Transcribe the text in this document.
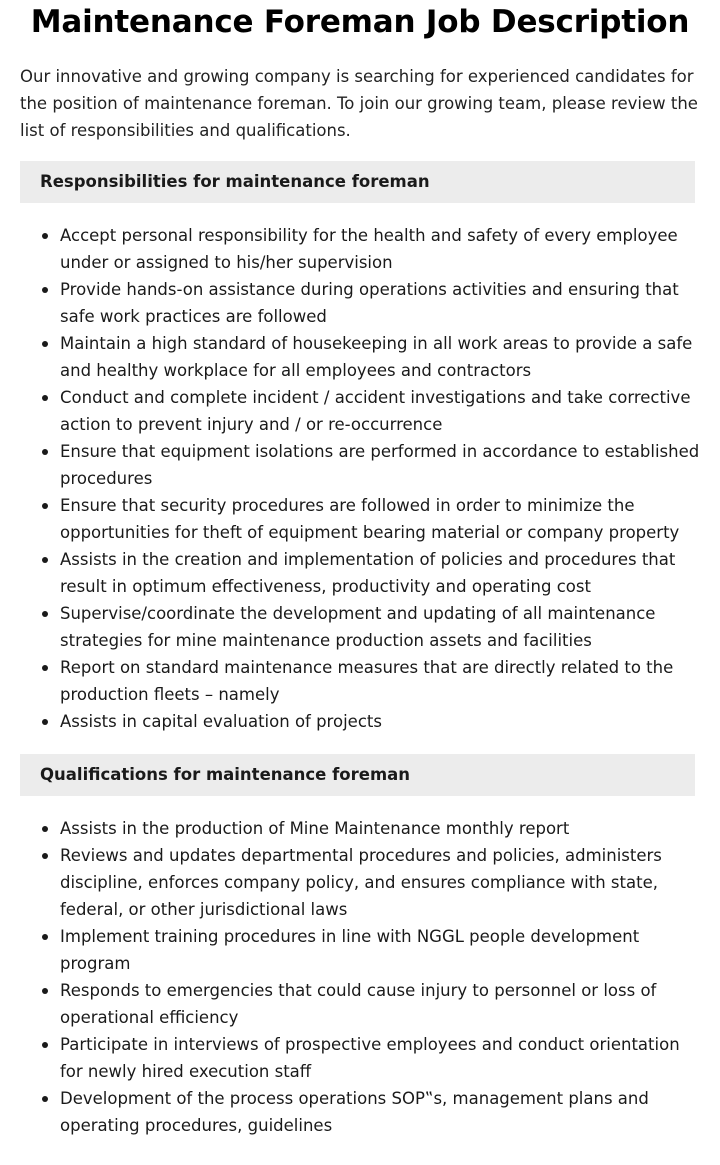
Maintenance Foreman Job Description

Our innovative and growing company is searching for experienced candidates for the position of maintenance foreman. To join our growing team, please review the list of responsibilities and qualifications.

Responsibilities for maintenance foreman
Accept personal responsibility for the health and safety of every employee under or assigned to his/her supervision
Provide hands-on assistance during operations activities and ensuring that safe work practices are followed
Maintain a high standard of housekeeping in all work areas to provide a safe and healthy workplace for all employees and contractors
Conduct and complete incident / accident investigations and take corrective action to prevent injury and / or re-occurrence
Ensure that equipment isolations are performed in accordance to established procedures
Ensure that security procedures are followed in order to minimize the opportunities for theft of equipment bearing material or company property
Assists in the creation and implementation of policies and procedures that result in optimum effectiveness, productivity and operating cost
Supervise/coordinate the development and updating of all maintenance strategies for mine maintenance production assets and facilities
Report on standard maintenance measures that are directly related to the production fleets – namely
Assists in capital evaluation of projects
Qualifications for maintenance foreman
Assists in the production of Mine Maintenance monthly report
Reviews and updates departmental procedures and policies, administers discipline, enforces company policy, and ensures compliance with state, federal, or other jurisdictional laws
Implement training procedures in line with NGGL people development program
Responds to emergencies that could cause injury to personnel or loss of operational efficiency
Participate in interviews of prospective employees and conduct orientation for newly hired execution staff
Development of the process operations SOP‟s, management plans and operating procedures, guidelines
